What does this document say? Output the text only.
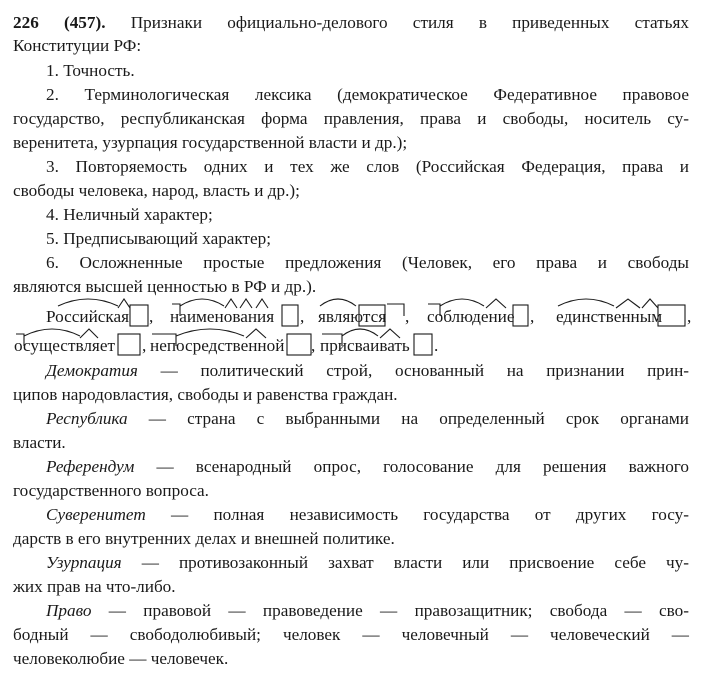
226 (457). Признаки официально-делового стиля в приведенных статьях
Конституции РФ:
1. Точность.
2. Терминологическая лексика (демократическое Федеративное правовое
государство, республиканская форма правления, права и свободы, носитель су-
веренитета, узурпация государственной власти и др.);
3. Повторяемость одних и тех же слов (Российская Федерация, права и
свободы человека, народ, власть и др.);
4. Неличный характер;
5. Предписывающий характер;
6. Осложненные простые предложения (Человек, его права и свободы
являются высшей ценностью в РФ и др.).
Российская , наименования , являются , соблюдение , единственным ,
осуществляет , непосредственной , присваивать .
Демократия — политический строй, основанный на признании прин-
ципов народовластия, свободы и равенства граждан.
Республика — страна с выбранными на определенный срок органами
власти.
Референдум — всенародный опрос, голосование для решения важного
государственного вопроса.
Суверенитет — полная независимость государства от других госу-
дарств в его внутренних делах и внешней политике.
Узурпация — противозаконный захват власти или присвоение себе чу-
жих прав на что-либо.
Право — правовой — правоведение — правозащитник; свобода — сво-
бодный — свободолюбивый; человек — человечный — человеческий —
человеколюбие — человечек.
